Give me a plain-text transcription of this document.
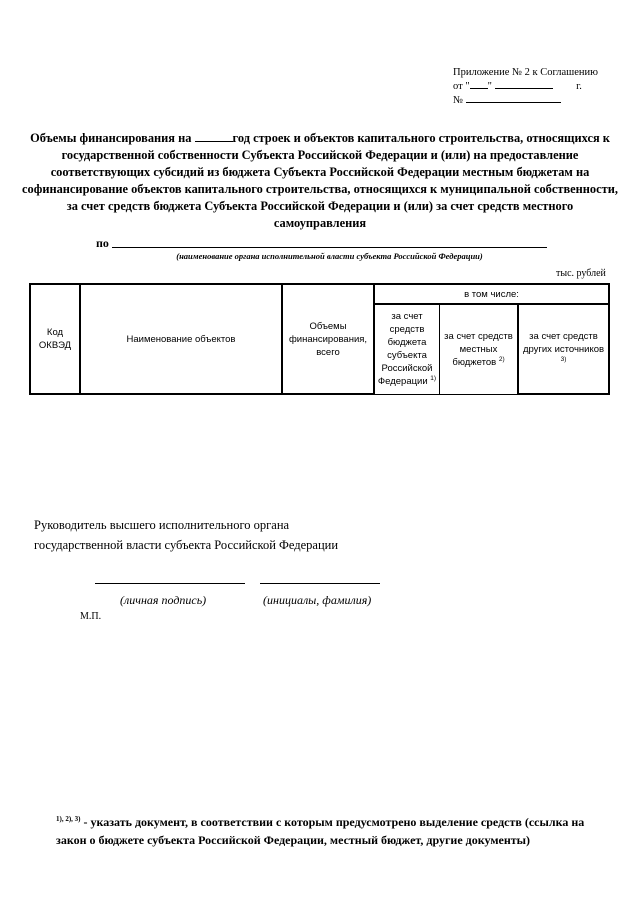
Приложение № 2 к Соглашению
от " "	г.
№
Объемы финансирования на	год строек и объектов капитального строительства, относящихся к государственной собственности Субъекта Российской Федерации и (или) на предоставление соответствующих субсидий из бюджета Субъекта Российской Федерации местным бюджетам на софинансирование объектов капитального строительства, относящихся к муниципальной собственности, за счет средств бюджета Субъекта Российской Федерации и (или) за счет средств местного самоуправления
по
(наименование органа исполнительной власти субъекта Российской Федерации)
тыс. рублей
Код ОКВЭД	Наименование объектов	Объемы финансирования, всего	в том числе:		
			за счет средств бюджета субъекта Российской Федерации $^{1)}$	за счет средств местных бюджетов $^{2)}$	за счет средств других источников $^{3)}$
Руководитель высшего исполнительного органа
государственной власти субъекта Российской Федерации
(личная подпись)	(инициалы, фамилия)
М.П.
$^{1), 2), 3)}$ - указать документ, в соответствии с которым предусмотрено выделение средств (ссылка на закон о бюджете субъекта Российской Федерации, местный бюджет, другие документы)
